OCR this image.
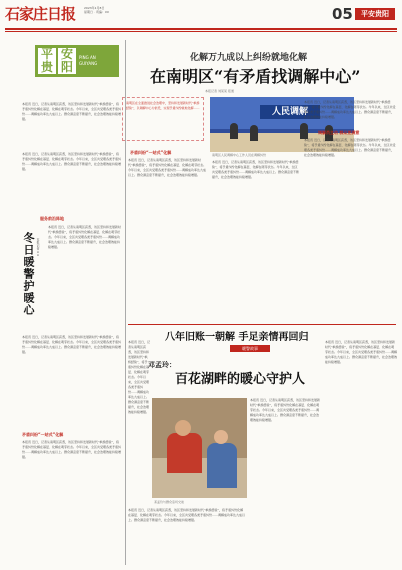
石家庄日报	2023年1月8日
星期日 · 责编：XX	05	平安贵阳
平
贵
安
阳
PING AN GUIYANG
本报讯 近日，记者从南明区获悉，该区坚持和发展新时代“枫桥经验”，将矛盾纠纷化解在基层、化解在萌芽状态。今年以来，全区共受理各类矛盾纠纷……调解成功率达九成以上。群众满意度不断提升，社会治理效能持续增强。
本报讯 近日，记者从南明区获悉，该区坚持和发展新时代“枫桥经验”，将矛盾纠纷化解在基层、化解在萌芽状态。今年以来，全区共受理各类矛盾纠纷……调解成功率达九成以上。群众满意度不断提升，社会治理效能持续增强。
服务前沿阵地
冬日暖警护暖心 本报记者 X X
本报讯 近日，记者从南明区获悉，该区坚持和发展新时代“枫桥经验”，将矛盾纠纷化解在基层、化解在萌芽状态。今年以来，全区共受理各类矛盾纠纷……调解成功率达九成以上。群众满意度不断提升，社会治理效能持续增强。
本报讯 近日，记者从南明区获悉，该区坚持和发展新时代“枫桥经验”，将矛盾纠纷化解在基层、化解在萌芽状态。今年以来，全区共受理各类矛盾纠纷……调解成功率达九成以上。群众满意度不断提升，社会治理效能持续增强。
矛盾纠纷“一站式”化解
本报讯 近日，记者从南明区获悉，该区坚持和发展新时代“枫桥经验”，将矛盾纠纷化解在基层、化解在萌芽状态。今年以来，全区共受理各类矛盾纠纷……调解成功率达九成以上。群众满意度不断提升，社会治理效能持续增强。
化解万九成以上纠纷就地化解
在南明区“有矛盾找调解中心”
本报记者 刘某某 报道
南明区在全面推进社会治理中，坚持和发展新时代“枫桥经验”，以调解中心为依托，实现矛盾纠纷就地化解……	人民调解
南明区人民调解中心工作人员在调解纠纷
矛盾纠纷“一站式”化解
本报讯 近日，记者从南明区获悉，该区坚持和发展新时代“枫桥经验”，将矛盾纠纷化解在基层、化解在萌芽状态。今年以来，全区共受理各类矛盾纠纷……调解成功率达九成以上。群众满意度不断提升，社会治理效能持续增强。
本报讯 近日，记者从南明区获悉，该区坚持和发展新时代“枫桥经验”，将矛盾纠纷化解在基层、化解在萌芽状态。今年以来，全区共受理各类矛盾纠纷……调解成功率达九成以上。群众满意度不断提升，社会治理效能持续增强。
本报讯 近日，记者从南明区获悉，该区坚持和发展新时代“枫桥经验”，将矛盾纠纷化解在基层、化解在萌芽状态。今年以来，全区共受理各类矛盾纠纷……调解成功率达九成以上。群众满意度不断提升，社会治理效能持续增强。
调解员主动 群众更满意
本报讯 近日，记者从南明区获悉，该区坚持和发展新时代“枫桥经验”，将矛盾纠纷化解在基层、化解在萌芽状态。今年以来，全区共受理各类矛盾纠纷……调解成功率达九成以上。群众满意度不断提升，社会治理效能持续增强。
八年旧账一朝解 手足亲情再回归
本报讯 近日，记者从南明区获悉，该区坚持和发展新时代“枫桥经验”，将矛盾纠纷化解在基层、化解在萌芽状态。今年以来，全区共受理各类矛盾纠纷……调解成功率达九成以上。群众满意度不断提升，社会治理效能持续增强。
暖警故事
邓孟玲：
百花湖畔的暖心守护人
邓孟玲与群众亲切交谈
本报讯 近日，记者从南明区获悉，该区坚持和发展新时代“枫桥经验”，将矛盾纠纷化解在基层、化解在萌芽状态。今年以来，全区共受理各类矛盾纠纷……调解成功率达九成以上。群众满意度不断提升，社会治理效能持续增强。
本报讯 近日，记者从南明区获悉，该区坚持和发展新时代“枫桥经验”，将矛盾纠纷化解在基层、化解在萌芽状态。今年以来，全区共受理各类矛盾纠纷……调解成功率达九成以上。群众满意度不断提升，社会治理效能持续增强。
本报讯 近日，记者从南明区获悉，该区坚持和发展新时代“枫桥经验”，将矛盾纠纷化解在基层、化解在萌芽状态。今年以来，全区共受理各类矛盾纠纷……调解成功率达九成以上。群众满意度不断提升，社会治理效能持续增强。
